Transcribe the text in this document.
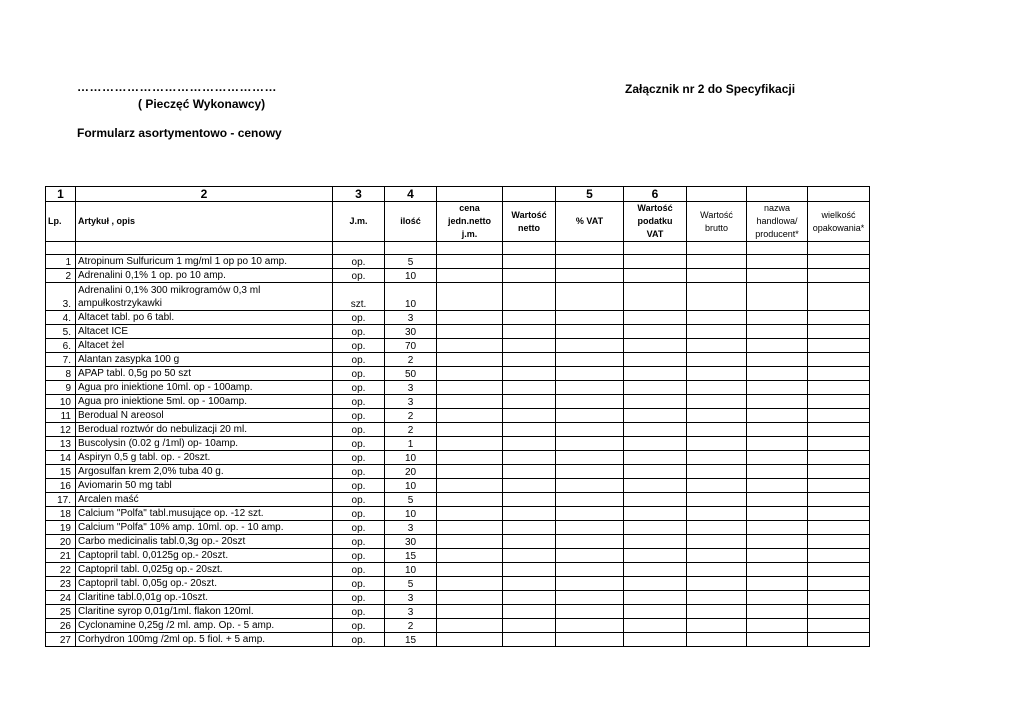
…………………………………………
( Pieczęć Wykonawcy)
Załącznik nr 2 do Specyfikacji
Formularz asortymentowo - cenowy
1	2	3	4			5	6			
Lp.	Artykuł , opis	J.m.	ilość	cena
jedn.netto
j.m.	Wartość
netto	% VAT	Wartość
podatku
VAT	Wartość
brutto	nazwa
handlowa/
producent*	wielkość
opakowania*

1	Atropinum Sulfuricum 1 mg/ml 1 op po 10 amp.	op.	5							
2	Adrenalini 0,1% 1 op. po 10 amp.	op.	10							
3.	Adrenalini 0,1% 300 mikrogramów 0,3 ml
ampułkostrzykawki	szt.	10							
4.	Altacet tabl. po 6 tabl.	op.	3							
5.	Altacet ICE	op.	30							
6.	Altacet żel	op.	70							
7.	Alantan zasypka 100 g	op.	2							
8	APAP tabl. 0,5g po 50 szt	op.	50							
9	Agua pro iniektione 10ml. op - 100amp.	op.	3							
10	Agua pro iniektione 5ml. op - 100amp.	op.	3							
11	Berodual N areosol	op.	2							
12	Berodual roztwór do nebulizacji 20 ml.	op.	2							
13	Buscolysin (0.02 g /1ml) op- 10amp.	op.	1							
14	Aspiryn 0,5 g tabl. op. - 20szt.	op.	10							
15	Argosulfan krem 2,0% tuba 40 g.	op.	20							
16	Aviomarin 50 mg tabl	op.	10							
17.	Arcalen maść	op.	5							
18	Calcium "Polfa" tabl.musujące op. -12 szt.	op.	10							
19	Calcium "Polfa" 10% amp. 10ml. op. - 10 amp.	op.	3							
20	Carbo medicinalis tabl.0,3g op.- 20szt	op.	30							
21	Captopril tabl. 0,0125g op.- 20szt.	op.	15							
22	Captopril tabl. 0,025g op.- 20szt.	op.	10							
23	Captopril tabl. 0,05g op.- 20szt.	op.	5							
24	Claritine tabl.0,01g op.-10szt.	op.	3							
25	Claritine syrop 0,01g/1ml. flakon 120ml.	op.	3							
26	Cyclonamine 0,25g /2 ml. amp. Op. - 5 amp.	op.	2							
27	Corhydron 100mg /2ml op. 5 fiol. + 5 amp.	op.	15							
